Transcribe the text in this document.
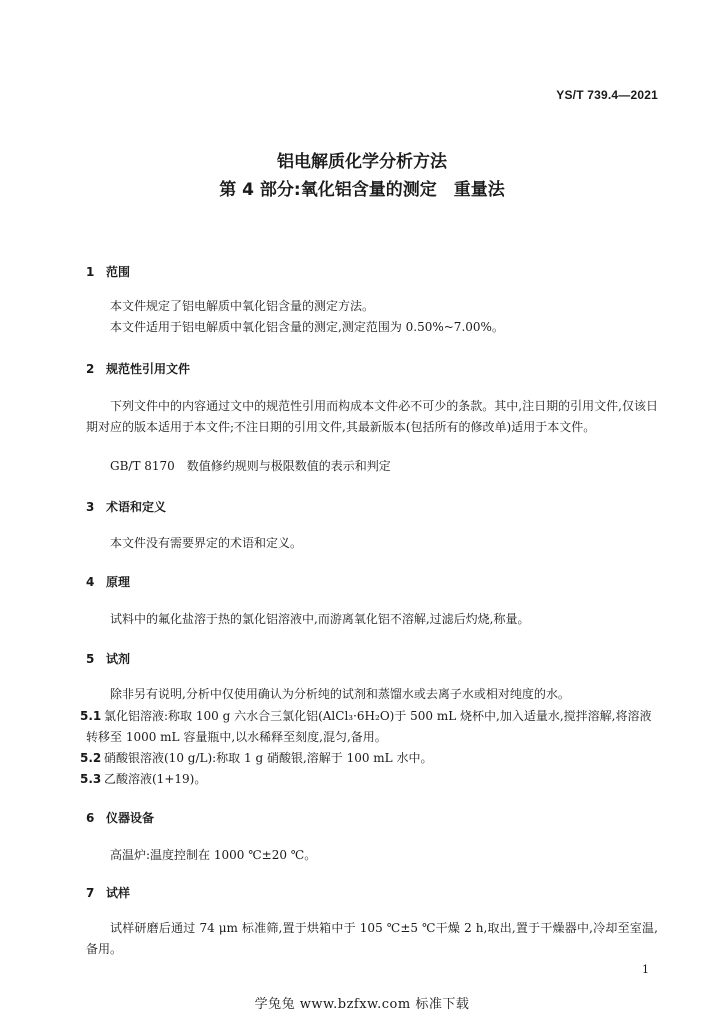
YS/T 739.4—2021
铝电解质化学分析方法
第 4 部分:氧化铝含量的测定　重量法
1 范围
本文件规定了铝电解质中氧化铝含量的测定方法。
本文件适用于铝电解质中氧化铝含量的测定,测定范围为 0.50%~7.00%。
2 规范性引用文件
下列文件中的内容通过文中的规范性引用而构成本文件必不可少的条款。其中,注日期的引用文件,仅该日期对应的版本适用于本文件;不注日期的引用文件,其最新版本(包括所有的修改单)适用于本文件。
GB/T 8170　数值修约规则与极限数值的表示和判定
3 术语和定义
本文件没有需要界定的术语和定义。
4 原理
试料中的氟化盐溶于热的氯化铝溶液中,而游离氧化铝不溶解,过滤后灼烧,称量。
5 试剂
除非另有说明,分析中仅使用确认为分析纯的试剂和蒸馏水或去离子水或相对纯度的水。
5.1 氯化铝溶液:称取 100 g 六水合三氯化铝(AlCl₃·6H₂O)于 500 mL 烧杯中,加入适量水,搅拌溶解,将溶液转移至 1000 mL 容量瓶中,以水稀释至刻度,混匀,备用。
5.2 硝酸银溶液(10 g/L):称取 1 g 硝酸银,溶解于 100 mL 水中。
5.3 乙酸溶液(1+19)。
6 仪器设备
高温炉:温度控制在 1000 ℃±20 ℃。
7 试样
试样研磨后通过 74 μm 标准筛,置于烘箱中于 105 ℃±5 ℃干燥 2 h,取出,置于干燥器中,冷却至室温,备用。
1
学兔兔 www.bzfxw.com 标准下载
